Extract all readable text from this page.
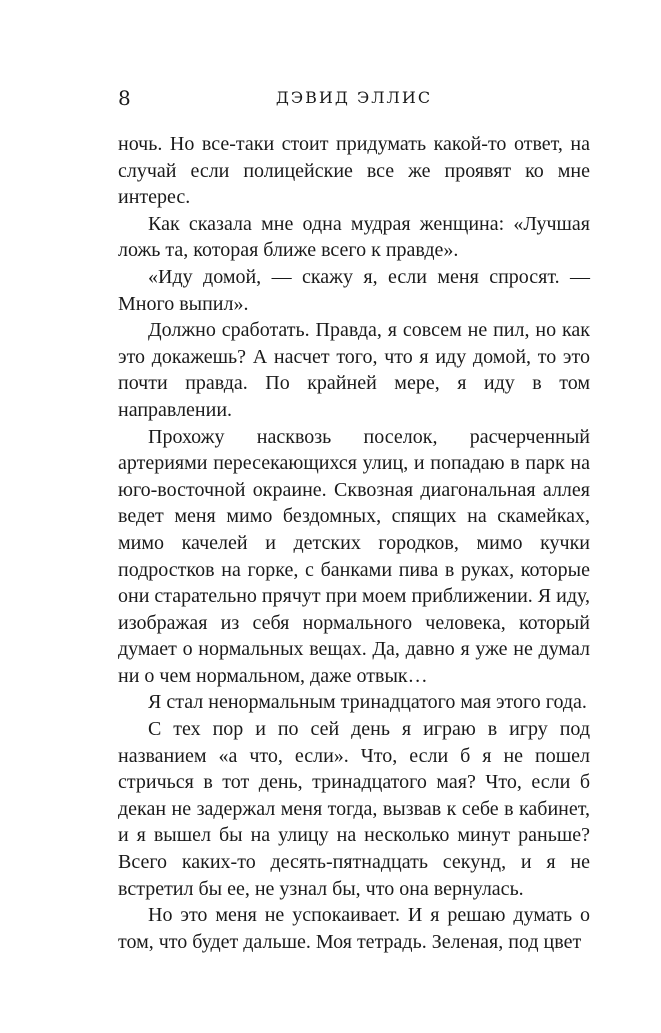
8	ДЭВИД ЭЛЛИС

ночь. Но все-таки стоит придумать какой-то ответ, на случай если полицейские все же проявят ко мне интерес.

Как сказала мне одна мудрая женщина: «Лучшая ложь та, которая ближе всего к правде».

«Иду домой, — скажу я, если меня спросят. — Много выпил».

Должно сработать. Правда, я совсем не пил, но как это докажешь? А насчет того, что я иду домой, то это почти правда. По крайней мере, я иду в том направлении.

Прохожу насквозь поселок, расчерченный артериями пересекающихся улиц, и попадаю в парк на юго-восточной окраине. Сквозная диагональная аллея ведет меня мимо бездомных, спящих на скамейках, мимо качелей и детских городков, мимо кучки подростков на горке, с банками пива в руках, которые они старательно прячут при моем приближении. Я иду, изображая из себя нормального человека, который думает о нормальных вещах. Да, давно я уже не думал ни о чем нормальном, даже отвык…

Я стал ненормальным тринадцатого мая этого года.

С тех пор и по сей день я играю в игру под названием «а что, если». Что, если б я не пошел стричься в тот день, тринадцатого мая? Что, если б декан не задержал меня тогда, вызвав к себе в кабинет, и я вышел бы на улицу на несколько минут раньше? Всего каких-то десять-пятнадцать секунд, и я не встретил бы ее, не узнал бы, что она вернулась.

Но это меня не успокаивает. И я решаю думать о том, что будет дальше. Моя тетрадь. Зеленая, под цвет
